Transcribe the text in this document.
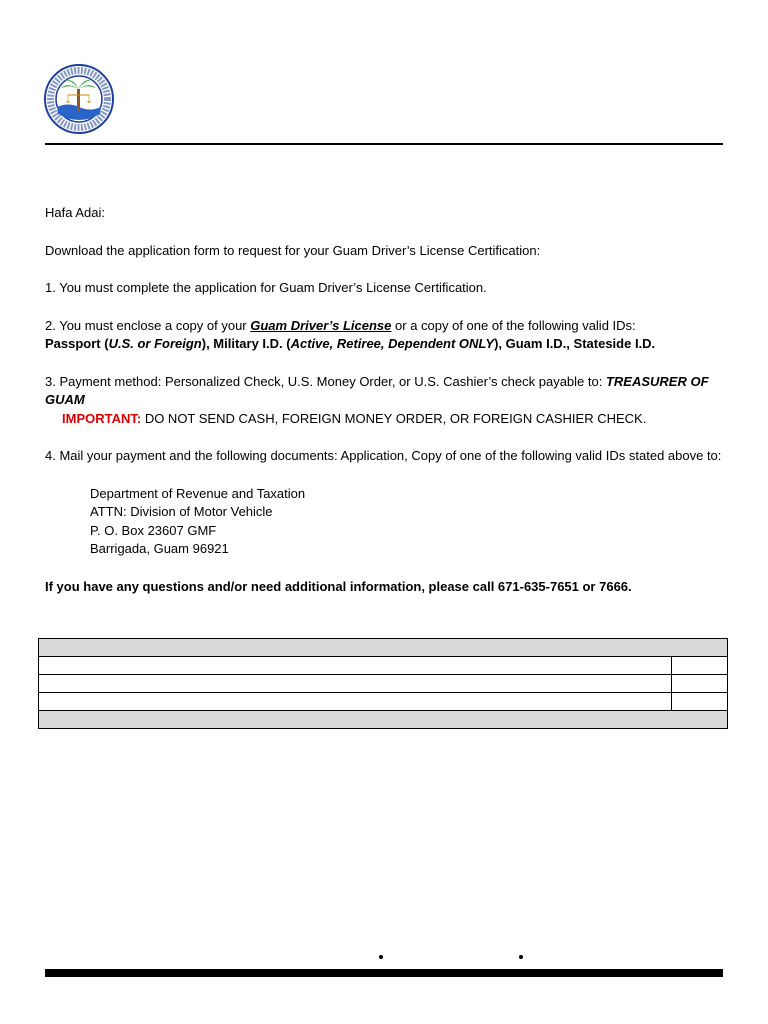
Hafa Adai:

Download the application form to request for your Guam Driver’s License Certification:

1. You must complete the application for Guam Driver’s License Certification.

2. You must enclose a copy of your Guam Driver’s License or a copy of one of the following valid IDs:
Passport (U.S. or Foreign), Military I.D. (Active, Retiree, Dependent ONLY), Guam I.D., Stateside I.D.

3. Payment method: Personalized Check, U.S. Money Order, or U.S. Cashier’s check payable to: TREASURER OF GUAM
IMPORTANT: DO NOT SEND CASH, FOREIGN MONEY ORDER, OR FOREIGN CASHIER CHECK.

4. Mail your payment and the following documents: Application, Copy of one of the following valid IDs stated above to:

Department of Revenue and Taxation
ATTN: Division of Motor Vehicle
P. O. Box 23607 GMF
Barrigada, Guam 96921

If you have any questions and/or need additional information, please call 671-635-7651 or 7666.
